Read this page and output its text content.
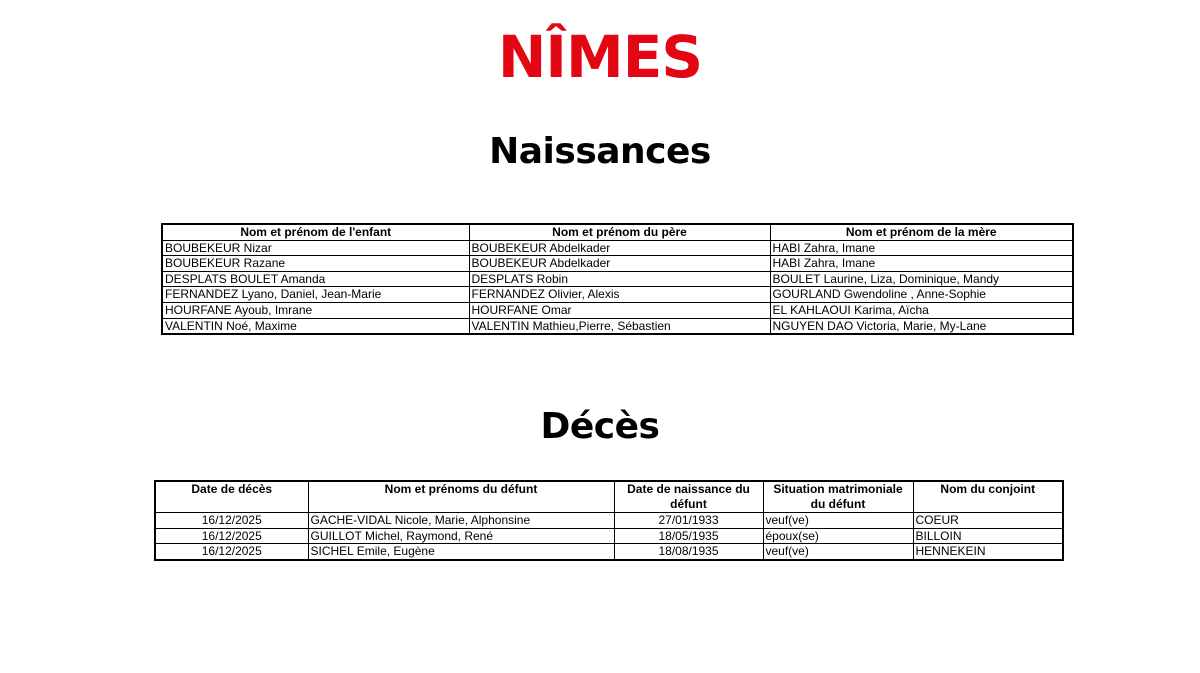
NÎMES
Naissances
Nom et prénom de l'enfant	Nom et prénom du père	Nom et prénom de la mère
BOUBEKEUR Nizar	BOUBEKEUR Abdelkader	HABI Zahra, Imane
BOUBEKEUR Razane	BOUBEKEUR Abdelkader	HABI Zahra, Imane
DESPLATS BOULET Amanda	DESPLATS Robin	BOULET Laurine, Liza, Dominique, Mandy
FERNANDEZ Lyano, Daniel, Jean-Marie	FERNANDEZ Olivier, Alexis	GOURLAND Gwendoline , Anne-Sophie
HOURFANE Ayoub, Imrane	HOURFANE Omar	EL KAHLAOUI Karima, Aïcha
VALENTIN Noé, Maxime	VALENTIN Mathieu,Pierre, Sébastien	NGUYEN DAO Victoria, Marie, My-Lane
Décès
Date de décès	Nom et prénoms du défunt	Date de naissance du défunt	Situation matrimoniale du défunt	Nom du conjoint
16/12/2025	GACHE-VIDAL Nicole, Marie, Alphonsine	27/01/1933	veuf(ve)	COEUR
16/12/2025	GUILLOT Michel, Raymond, René	18/05/1935	époux(se)	BILLOIN
16/12/2025	SICHEL Emile, Eugène	18/08/1935	veuf(ve)	HENNEKEIN
